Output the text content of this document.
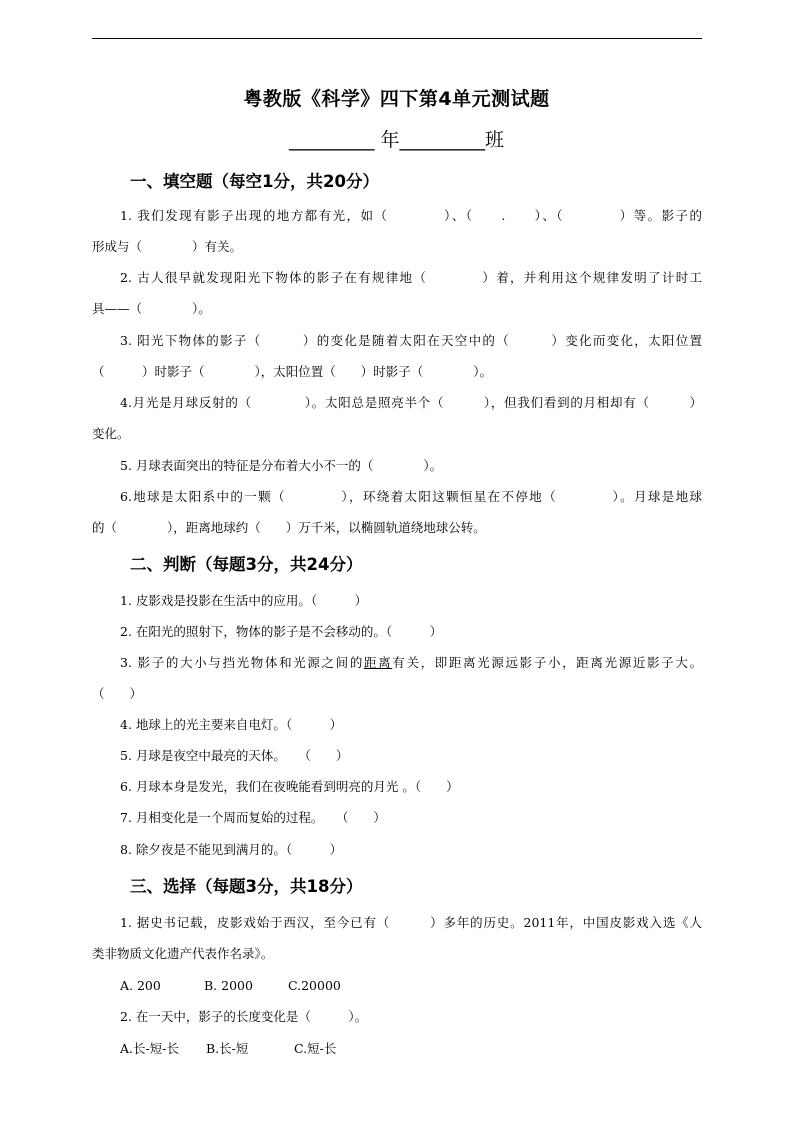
粤教版《科学》四下第4单元测试题
_________ 年_________班
一、填空题（每空1分，共20分）
1. 我们发现有影子出现的地方都有光，如（　　　　）、（　　.　　）、（　　　　）等。影子的
形成与（　　　　）有关。
2. 古人很早就发现阳光下物体的影子在有规律地（　　　　）着，并利用这个规律发明了计时工
具——（　　　　）。
3. 阳光下物体的影子（　　　）的变化是随着太阳在天空中的（　　　）变化而变化，太阳位置
（　　　）时影子（　　　　），太阳位置（　　）时影子（　　　　）。
4.月光是月球反射的（　　　　）。太阳总是照亮半个（　　　），但我们看到的月相却有（　　　）
变化。
5. 月球表面突出的特征是分布着大小不一的（　　　　）。
6.地球是太阳系中的一颗（　　　　），环绕着太阳这颗恒星在不停地（　　　　）。月球是地球
的（　　　　），距离地球约（　　）万千米，以椭圆轨道绕地球公转。
二、判断（每题3分，共24分）
1. 皮影戏是投影在生活中的应用。（　　　）
2. 在阳光的照射下，物体的影子是不会移动的。（　　　）
3. 影子的大小与挡光物体和光源之间的距离有关，即距离光源远影子小，距离光源近影子大。
（　　）
4. 地球上的光主要来自电灯。（　　　）
5. 月球是夜空中最亮的天体。　　（　　）
6. 月球本身是发光，我们在夜晚能看到明亮的月光 。（　　）
7. 月相变化是一个周而复始的过程。　　（　　）
8. 除夕夜是不能见到满月的。（　　　）
三、选择（每题3分，共18分）
1. 据史书记载，皮影戏始于西汉，至今已有（　　　）多年的历史。2011年，中国皮影戏入选《人
类非物质文化遗产代表作名录》。
A. 200	B. 2000	C.20000
2. 在一天中，影子的长度变化是（　　　）。
A.长-短-长 B.长-短	C.短-长
